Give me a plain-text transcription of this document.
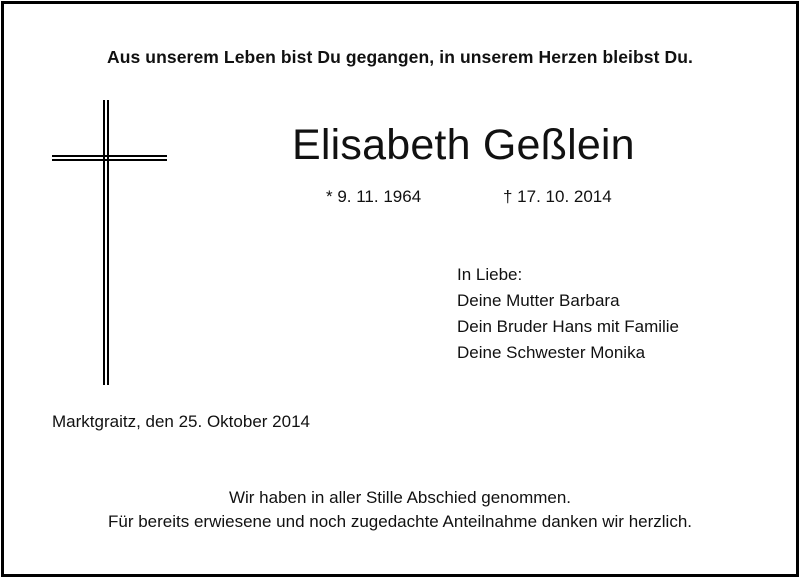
Aus unserem Leben bist Du gegangen, in unserem Herzen bleibst Du.
Elisabeth Geßlein
* 9. 11. 1964	† 17. 10. 2014
In Liebe:
Deine Mutter Barbara
Dein Bruder Hans mit Familie
Deine Schwester Monika
Marktgraitz, den 25. Oktober 2014
Wir haben in aller Stille Abschied genommen.
Für bereits erwiesene und noch zugedachte Anteilnahme danken wir herzlich.
